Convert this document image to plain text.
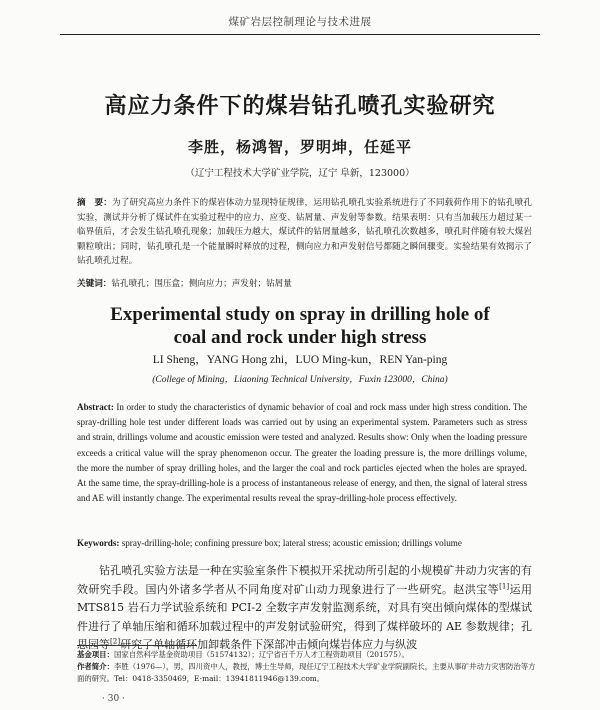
煤矿岩层控制理论与技术进展
高应力条件下的煤岩钻孔喷孔实验研究
李胜，杨鸿智，罗明坤，任延平
（辽宁工程技术大学矿业学院，辽宁 阜新，123000）
摘　要：为了研究高应力条件下的煤岩体动力显现特征规律，运用钻孔喷孔实验系统进行了不同载荷作用下的钻孔喷孔实验，测试并分析了煤试件在实验过程中的应力、应变、钻屑量、声发射等参数。结果表明：只有当加载压力超过某一临界值后，才会发生钻孔喷孔现象；加载压力越大，煤试件的钻屑量越多，钻孔喷孔次数越多，喷孔时伴随有较大煤岩颗粒喷出；同时，钻孔喷孔是一个能量瞬时释放的过程，侧向应力和声发射信号都随之瞬间骤变。实验结果有效揭示了钻孔喷孔过程。
关键词：钻孔喷孔；围压盒；侧向应力；声发射；钻屑量
Experimental study on spray in drilling hole of
coal and rock under high stress
LI Sheng，YANG Hong zhi，LUO Ming-kun，REN Yan-ping
(College of Mining，Liaoning Technical University，Fuxin 123000，China)
Abstract: In order to study the characteristics of dynamic behavior of coal and rock mass under high stress condition. The spray-drilling hole test under different loads was carried out by using an experimental system. Parameters such as stress and strain, drillings volume and acoustic emission were tested and analyzed. Results show: Only when the loading pressure exceeds a critical value will the spray phenomenon occur. The greater the loading pressure is, the more drillings volume, the more the number of spray drilling holes, and the larger the coal and rock particles ejected when the holes are sprayed. At the same time, the spray-drilling-hole is a process of instantaneous release of energy, and then, the signal of lateral stress and AE will instantly change. The experimental results reveal the spray-drilling-hole process effectively.
Keywords: spray-drilling-hole; confining pressure box; lateral stress; acoustic emission; drillings volume
钻孔喷孔实验方法是一种在实验室条件下模拟开采扰动所引起的小规模矿井动力灾害的有效研究手段。国内外诸多学者从不同角度对矿山动力现象进行了一些研究。赵洪宝等[1]运用 MTS815 岩石力学试验系统和 PCI-2 全数字声发射监测系统，对具有突出倾向煤体的型煤试件进行了单轴压缩和循环加载过程中的声发射试验研究，得到了煤样破坏的 AE 参数规律；孔思园等[2]研究了单轴循环加卸载条件下深部冲击倾向煤岩体应力与纵波
基金项目：国家自然科学基金资助项目（51574132）；辽宁省百千万人才工程资助项目（201575）。
作者简介：李胜（1976—），男，四川资中人，教授，博士生导师，现任辽宁工程技术大学矿业学院副院长，主要从事矿井动力灾害防治等方面的研究。Tel：0418-3350469，E-mail：13941811946@139.com。
· 30 ·
